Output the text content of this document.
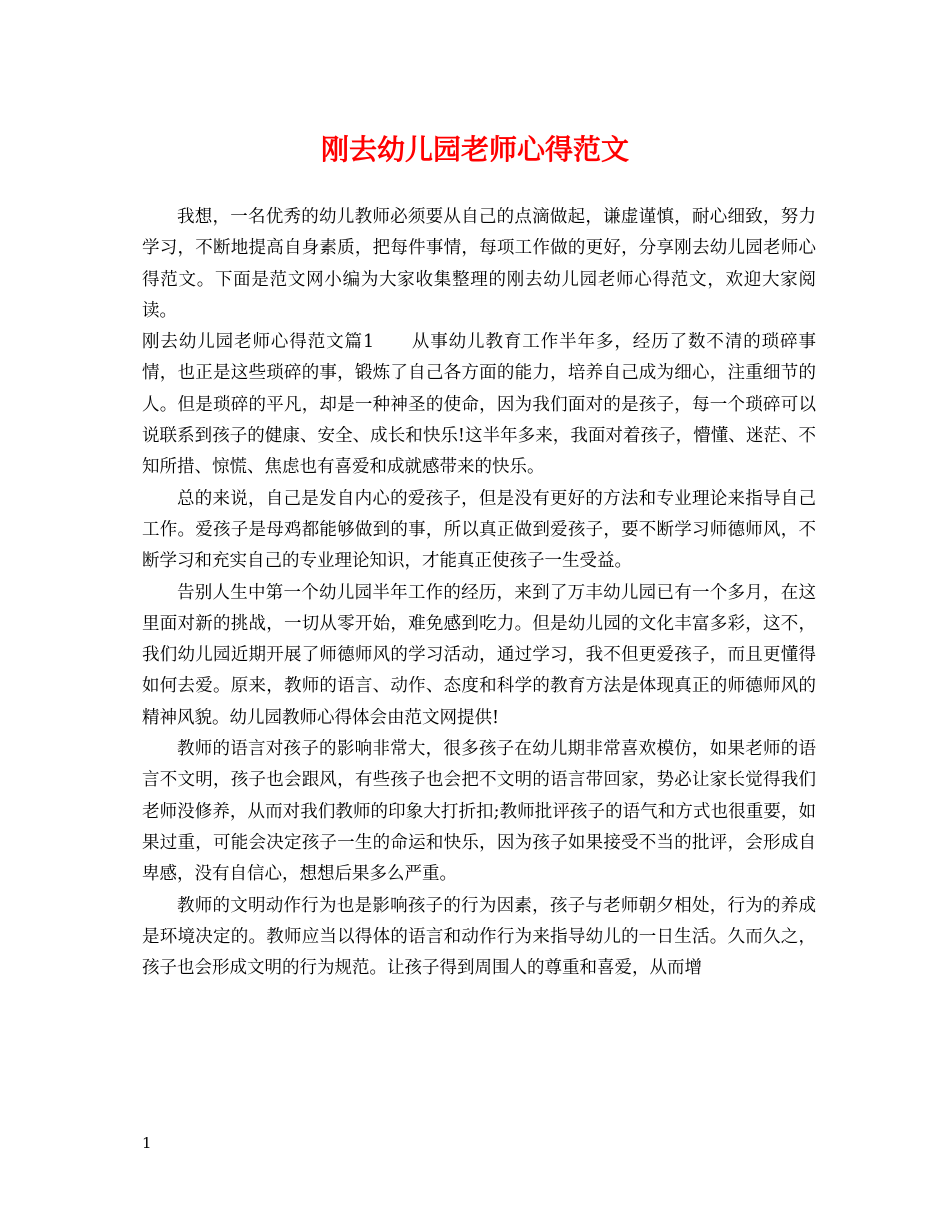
刚去幼儿园老师心得范文

我想，一名优秀的幼儿教师必须要从自己的点滴做起，谦虚谨慎，耐心细致，努力学习，不断地提高自身素质，把每件事情，每项工作做的更好，分享刚去幼儿园老师心得范文。下面是范文网小编为大家收集整理的刚去幼儿园老师心得范文，欢迎大家阅读。

刚去幼儿园老师心得范文篇1　　从事幼儿教育工作半年多，经历了数不清的琐碎事情，也正是这些琐碎的事，锻炼了自己各方面的能力，培养自己成为细心，注重细节的人。但是琐碎的平凡，却是一种神圣的使命，因为我们面对的是孩子，每一个琐碎可以说联系到孩子的健康、安全、成长和快乐!这半年多来，我面对着孩子，懵懂、迷茫、不知所措、惊慌、焦虑也有喜爱和成就感带来的快乐。

总的来说，自己是发自内心的爱孩子，但是没有更好的方法和专业理论来指导自己工作。爱孩子是母鸡都能够做到的事，所以真正做到爱孩子，要不断学习师德师风，不断学习和充实自己的专业理论知识，才能真正使孩子一生受益。

告别人生中第一个幼儿园半年工作的经历，来到了万丰幼儿园已有一个多月，在这里面对新的挑战，一切从零开始，难免感到吃力。但是幼儿园的文化丰富多彩，这不，我们幼儿园近期开展了师德师风的学习活动，通过学习，我不但更爱孩子，而且更懂得如何去爱。原来，教师的语言、动作、态度和科学的教育方法是体现真正的师德师风的精神风貌。幼儿园教师心得体会由范文网提供!

教师的语言对孩子的影响非常大，很多孩子在幼儿期非常喜欢模仿，如果老师的语言不文明，孩子也会跟风，有些孩子也会把不文明的语言带回家，势必让家长觉得我们老师没修养，从而对我们教师的印象大打折扣;教师批评孩子的语气和方式也很重要，如果过重，可能会决定孩子一生的命运和快乐，因为孩子如果接受不当的批评，会形成自卑感，没有自信心，想想后果多么严重。

教师的文明动作行为也是影响孩子的行为因素，孩子与老师朝夕相处，行为的养成是环境决定的。教师应当以得体的语言和动作行为来指导幼儿的一日生活。久而久之，孩子也会形成文明的行为规范。让孩子得到周围人的尊重和喜爱，从而增

1
